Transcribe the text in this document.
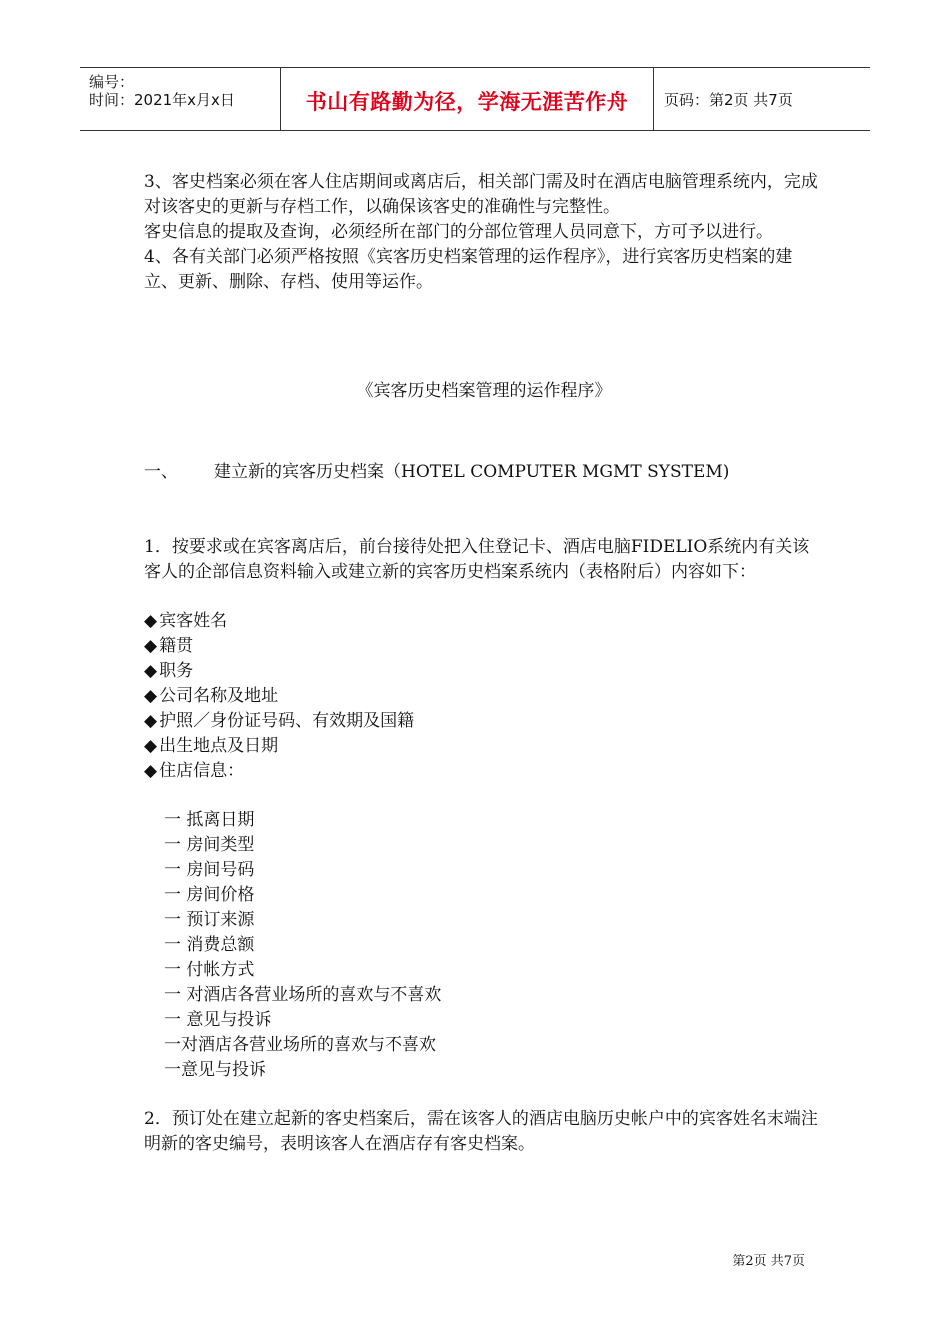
编号：
时间：2021年x月x日	书山有路勤为径，学海无涯苦作舟	页码：第2页 共7页

3、客史档案必须在客人住店期间或离店后，相关部门需及时在酒店电脑管理系统内，完成对该客史的更新与存档工作，以确保该客史的准确性与完整性。

客史信息的提取及查询，必须经所在部门的分部位管理人员同意下，方可予以进行。

4、各有关部门必须严格按照《宾客历史档案管理的运作程序》，进行宾客历史档案的建 立、更新、删除、存档、使用等运作。

《宾客历史档案管理的运作程序》

一、 建立新的宾客历史档案（HOTEL COMPUTER MGMT SYSTEM)

1．按要求或在宾客离店后，前台接待处把入住登记卡、酒店电脑FIDELIO系统内有关该客人的企部信息资料输入或建立新的宾客历史档案系统内（表格附后）内容如下：

◆ 宾客姓名

◆ 籍贯

◆ 职务

◆ 公司名称及地址

◆ 护照／身份证号码、有效期及国籍

◆ 出生地点及日期

◆ 住店信息：

一 抵离日期

一 房间类型

一 房间号码

一 房间价格

一 预订来源

一 消费总额

一 付帐方式

一 对酒店各营业场所的喜欢与不喜欢

一 意见与投诉

一对酒店各营业场所的喜欢与不喜欢

一意见与投诉

2．预订处在建立起新的客史档案后，需在该客人的酒店电脑历史帐户中的宾客姓名末端注明新的客史编号，表明该客人在酒店存有客史档案。

第2页 共7页
